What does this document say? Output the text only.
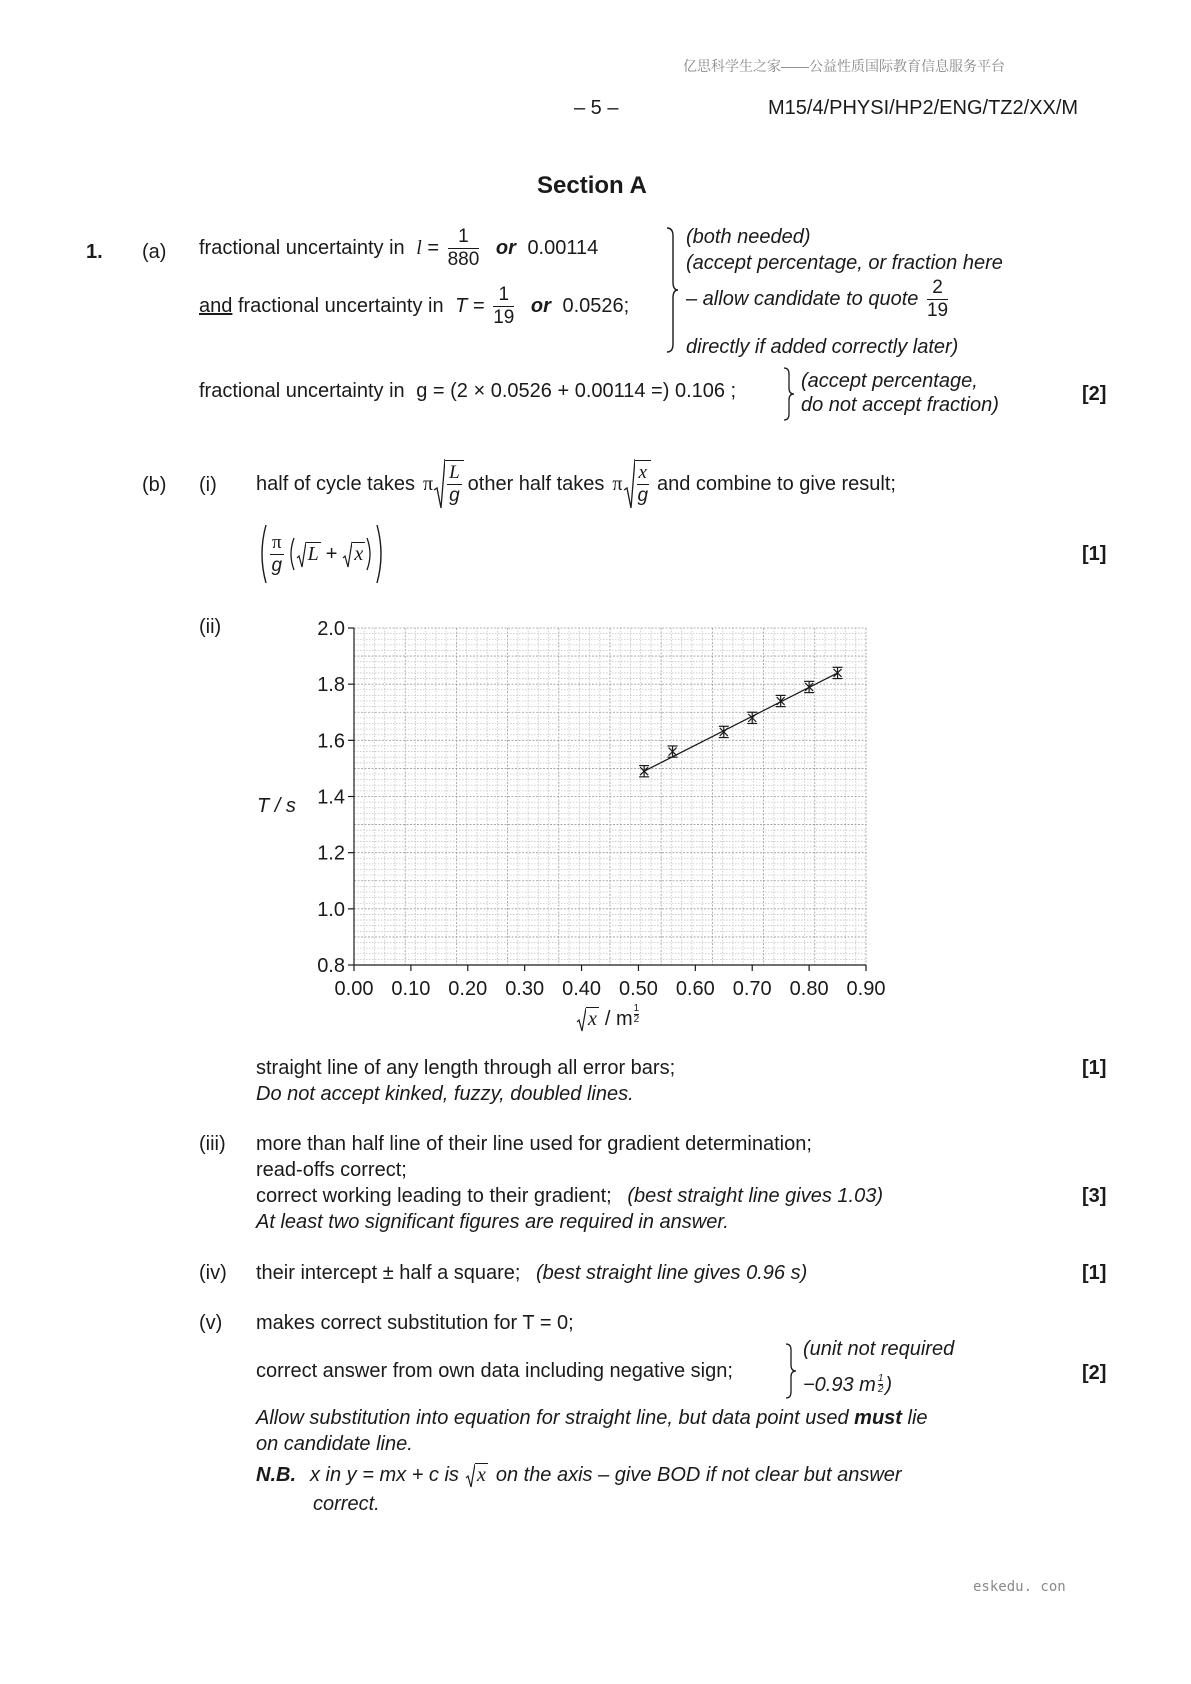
亿思科学生之家——公益性质国际教育信息服务平台
– 5 –	M15/4/PHYSI/HP2/ENG/TZ2/XX/M
Section A
1. (a) fractional uncertainty in $l = \frac{1}{880}$ or 0.00114
and fractional uncertainty in $T = \frac{1}{19}$ or 0.0526;
(both needed)
(accept percentage, or fraction here
– allow candidate to quote $\frac{2}{19}$
directly if added correctly later)
fractional uncertainty in g = (2 × 0.0526 + 0.00114 =) 0.106 ;	(accept percentage,
do not accept fraction)	[2]
(b) (i) half of cycle takes π $\frac{L}{g}$ other half takes π $\frac{x}{g}$ and combine to give result;
$\frac{\pi}{g}$ L + x	[1]
(ii)
T / s
0.8
1.0
1.2
1.4
1.6
1.8
2.0
0.00 0.10 0.20 0.30 0.40 0.50 0.60 0.70 0.80 0.90
x / m 1
2
straight line of any length through all error bars;
Do not accept kinked, fuzzy, doubled lines.
[1]
(iii) more than half line of their line used for gradient determination;
read-offs correct;
correct working leading to their gradient; (best straight line gives 1.03)
At least two significant figures are required in answer.
[3]
(iv) their intercept ± half a square; (best straight line gives 0.96 s)	[1]
(v) makes correct substitution for T = 0;
correct answer from own data including negative sign;
(unit not required
−0.93 m 1
2 )
[2]
Allow substitution into equation for straight line, but data point used must lie
on candidate line.
N.B. x in y = mx + c is x on the axis – give BOD if not clear but answer
correct.
eskedu. con
